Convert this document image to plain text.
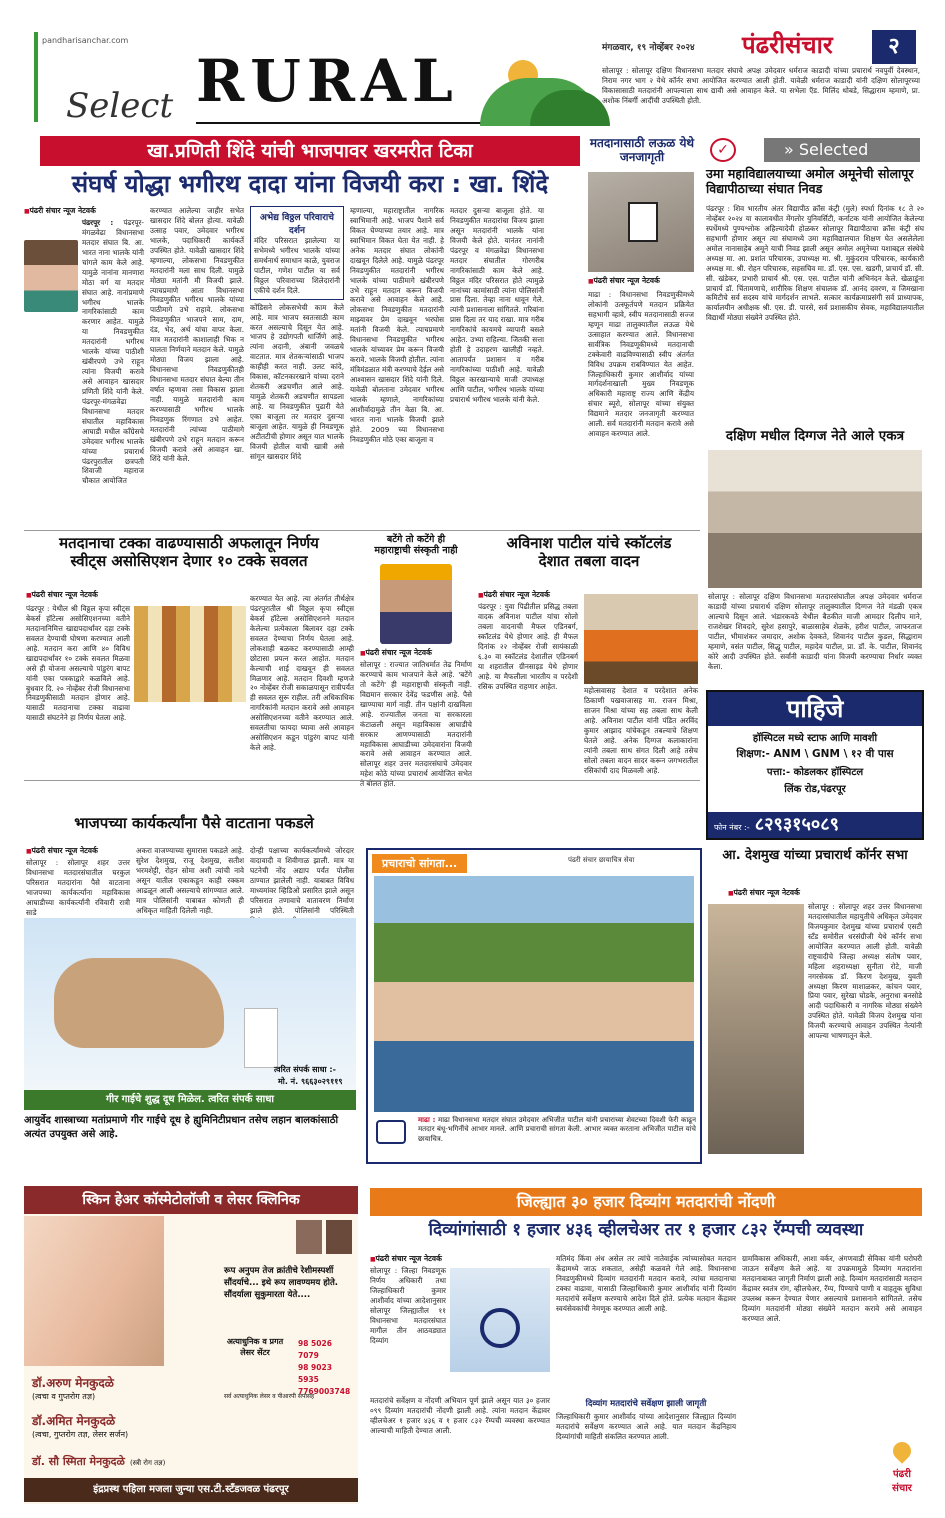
pandharisanchar.com
Select RURAL	मंगळवार, १९ नोव्हेंबर २०२४ पंढरीसंचार	२
सोलापूर : सोलापूर दक्षिण विधानसभा मतदार संघाचे अपक्ष उमेदवार धर्मराज काडादी यांच्या प्रचारार्थ नवपुर्वी देवस्थान, निराम नगर भाग २ येथे कॉर्नर सभा आयोजित करण्यात आली होती. यावेळी धर्मराज काडादी यांनी दक्षिण सोलापूरच्या विकासासाठी मतदारांनी आपल्याला साथ द्यावी असे आवाहन केले. या सभेला ऍड. मिलिंद थोबडे, सिद्धाराम म्हमाणे, प्रा. अशोक निंबर्गी आदींची उपस्थिती होती.
खा.प्रणिती शिंदे यांची भाजपावर खरमरीत टिका
संघर्ष योद्धा भगीरथ दादा यांना विजयी करा : खा. शिंदे
■ पंढरी संचार न्यूज नेटवर्क
पंढरपूर : पंढरपूर-मंगळवेढा विधानसभा मतदार संघात बि. आ. भारत नाना भालके यांनी चांगले काम केले आहे. यामुळे नानांना मानणारा मोठा वर्ग या मतदार संघात आहे. नानांप्रमाणे भगीरथ भालके नागरिकांसाठी काम करणार आहेत. यामुळे या निवडणुकीत मतदारांनी भगीरथ भालके यांच्या पाठीशी खंबीरपणे उभे राहून त्यांना विजयी करावे असे आवाहन खासदार प्रणिती शिंदे यांनी केले. पंढरपूर-मंगळवेढा विधानसभा मतदार संघातील महाविकास आघाडी मधील काँग्रेसचे उमेदवार भगीरथ भालके यांच्या प्रचारार्थ पंढरपुरातील छत्रपती शिवाजी महाराज चौकात आयोजित
करण्यात आलेल्या जाहीर सभेत खासदार शिंदे बोलत होत्या. यावेळी उत्साह पवार, उमेदवार भगीरथ भालके, पदाधिकारी कार्यकर्ते उपस्थित होते. यावेळी खासदार शिंदे म्हणाल्या, लोकसभा निवडणुकीत मतदारांनी मला साथ दिली. यामुळे मोठ्या मतांनी मी विजयी झाले. त्याचप्रमाणे आता विधानसभा निवडणुकीत भगीरथ भालके यांच्या पाठीमागे उभे राहावे. लोकसभा निवडणुकीत भाजपने साम, दाम, दंड, भेद, अर्थ यांचा वापर केला. मात्र मतदारांनी काशालाही भिक न घालता निर्णयाने मतदान केले. यामुळे मोठ्या विजय झाला आहे. विधानसभा निवडणुकीतही विधानसभा मतदार संघात बेल्या तीन वर्षात म्हणावा तसा विकास झाला नाही. यामुळे मतदारांनी काम करण्यासाठी भगीरथ भालके निवडणुक रिंगणात उभे आहेत. मतदारांनी त्यांच्या पाठीमागे खंबीरपणे उभे राहून मतदान करून विजयी करावे असे आवाहन खा. शिंदे यांनी केले.
अभेद्य विठ्ठल परिवाराचे दर्शन
मंदिर परिसरात झालेल्या या सभेमध्ये भगीरथ भालके यांच्या समर्थनार्थ समाधान काळे, युवराज पाटील, गणेश पाटील या सर्व विठ्ठल परिवाराच्या शिलेदारांनी एकीचे दर्शन दिले.
कोंडिसने लोकसभेची काम केले आहे. मात्र भाजप स्वतःसाठी काम करत असल्याचे दिसून येत आहे. भाजप हे उद्योगपती धार्जिणे आहे. त्यांना अदानी, अंबानी जवळचे वाटतात. मात्र शेतकऱ्यांसाठी भाजप काहीही करत नाही. उलट कांदे, विकास, कॉटनकारखाने यांच्या दराने शेतकरी अडचणीत आले आहे. यामुळे शेतकरी अडचणीत सापडला आहे. या निवडणुकीत पुढारी येते एका बाजूला तर मतदार दुसऱ्या बाजूला आहेत. यामुळे ही निवडणूक अटीतटीची होणार असून यात भालके विजयी होतील याची खात्री असे सांगून खासदार शिंदे
म्हणाल्या, महाराष्ट्रातील नागरिक स्वाभिमानी आहे. भाजप पैशाने सर्व विकत घेण्याच्या तयार आहे. मात्र स्वाभिमान विकत घेता येत नाही. हे अनेक मतदार संघात लोकांनी दाखवून दिलेले आहे. यामुळे पंढरपूर निवडणुकीत मतदारांनी भगीरथ भालके यांच्या पाठीमागे खंबीरपणे उभे राहून मतदान करून विजयी करावे असे आवाहन केले आहे. लोकसभा निवडणुकीत मतदारांनी माझ्यावर प्रेम दाखवून भरघोस मतांनी विजयी केले. त्याचप्रमाणे विधानसभा निवडणुकीत भगीरथ भालके यांच्यावर प्रेम करून विजयी करावे. भालके विजयी होतील. त्यांना मंत्रिमंडळात मंत्री करण्याचे देईल असे आश्वासन खासदार शिंदे यांनी दिले. यावेळी बोलताना उमेदवार भगीरथ भालके म्हणाले, नागरिकांच्या आशीर्वादामुळे तीन वेळा बि. आ. भारत नाना भालके विजयी झाले होते. 2009 च्या विधानसभा निवडणुकीत मोठे एका बाजूला व
मतदार दुसऱ्या बाजूला होते. या निवडणुकीत मतदारांचा विजय झाला असून मतदारांनी भालके यांना विजयी केले होते. यानंतर नानांनी पंढरपूर व मंगळवेढा विधानसभा मतदार संघातील गोरगरीब नागरिकांसाठी काम केले आहे. विठ्ठल मंदिर परिसरात होते त्यामुळे नानांच्या कामांसाठी त्यांना पोलिसांनी प्रास दिला. तेव्हा नाना धावून गेले. त्यांनी प्रशासनाला सांगितले. गरिबांना प्रास दिला तर याद राखा. मात्र गरीब नागरिकांचे कायमचे व्यापारी बसले आहेत. उभ्या राहिल्या. जितकी सत्ता होती हे उदाहरण खालीही नव्हते. आतापर्यंत प्रशासन व गरीब नागरिकांच्या पाठीशी आहे. यावेळी विठ्ठल कारखान्याचे माजी उपाध्यक्ष आणि पाटील, भगीरथ भालके यांच्या प्रचारार्थ भगीरथ भालके यांनी केले.
मतदानासाठी लऊळ येथे जनजागृती
■ पंढरी संचार न्यूज नेटवर्क
माढा : विधानसभा निवडणुकीमध्ये लोकांनी उत्स्फूर्तपणे मतदान प्रक्रियेत सहभागी व्हावे, स्वीप मतदानासाठी सज्ज म्हणून माढा तालुक्यातील लऊळ येथे उत्साहात करण्यात आले. विधानसभा सार्वत्रिक निवडणूकीमध्ये मतदानाची टक्केवारी वाढविण्यासाठी स्वीप अंतर्गत विविध उपक्रम राबविण्यात येत आहेत. जिल्हाधिकारी कुमार आशीर्वाद यांच्या मार्गदर्शनाखाली मुख्य निवडणूक अधिकारी महाराष्ट्र राज्य आणि केंद्रीय संचार ब्यूरो, सोलापूर यांच्या संयुक्त विद्यमाने मतदार जनजागृती करण्यात आली. सर्व मतदारांनी मतदान करावे असे आवाहन करण्यात आले.
✓	» Selected
उमा महाविद्यालयाच्या अमोल अमूनेची सोलापूर विद्यापीठाच्या संघात निवड
पंढरपूर : शिव भारतीय अंतर विद्यापीठ क्रॉस कंट्री (मुले) स्पर्धा दिनांक १८ ते २० नोव्हेंबर २०२४ या कालावधीत मेंगलोर युनिवर्सिटी, कर्नाटक यांनी आयोजित केलेल्या स्पर्धेमध्ये पुण्यश्लोक अहिल्यादेवी होळकर सोलापूर विद्यापीठाचा क्रॉस कंट्री संघ सहभागी होणार असून त्या संघामध्ये उमा महाविद्यालयात शिक्षण घेत असलेलेला अमोल नानासाहेब अमूने याची निवड झाली असून अमोल अमूनेच्या यशाबद्दल संस्थेचे अध्यक्ष मा. आ. प्रशांत परिचारक, उपाध्यक्ष मा. श्री. मुकुंदराव परिचारक, कार्यकारी अध्यक्ष मा. श्री. रोहन परिचारक, सहसचिव मा. डॉ. एस. एस. खडगी, प्राचार्य डॉ. सी. सी. खंडेकर, प्रभारी प्राचार्य श्री. एस. एस. पाटील यांनी अभिनंदन केले. खेळाडूंना प्राचार्य डॉ. चिंतामणाचे, शारीरिक शिक्षण संचालक डॉ. आनंद दवरण, व जिमखाना कमिटीचे सर्व सदस्य यांचे मार्गदर्शन लाभले. सत्कार कार्यक्रमाप्रसंगी सर्व प्राध्यापक, कार्यालयीन अधीक्षक श्री. एस. डी. पारसे, सर्व प्रशासकीय सेवक, महाविद्यालयातील विद्यार्थी मोठ्या संख्येने उपस्थित होते.
दक्षिण मधील दिग्गज नेते आले एकत्र
सोलापूर : सोलापूर दक्षिण विधानसभा मतदारसंघातील अपक्ष उमेदवार धर्मराज काडादी यांच्या प्रचारार्थ दक्षिण सोलापूर तालुक्यातील दिग्गज नेते मंडळी एकत्र आल्याचे दिसून आले. भंडारकवठे येथील बैठकीत माजी आमदार दिलीप माने, राजशेखर शिवदारे, सुरेश हसापुरे, बाळासाहेब शेळके, हरीश पाटील, जाफरताज पाटील, भीमाशंकर जमादार, अशोक देवकते, शिवानंद पाटील कुडल, सिद्धाराम म्हमाणे, वसंत पाटील, सिद्धू पाटील, महादेव पाटील, प्रा. डॉ. के. पाटील, शिवानंद कोरे आदी उपस्थित होते. सर्वांनी काडादी यांना विजयी करण्याचा निर्धार व्यक्त केला.
मतदानाचा टक्का वाढण्यासाठी अफलातून निर्णय
स्वीट्स असोसिएशन देणार १० टक्के सवलत
■ पंढरी संचार न्यूज नेटवर्क
पंढरपूर : येथील श्री विठ्ठल कृपा स्वीट्स बेकर्स हॉटेल्स असोसिएशनच्या वतीने मतदानानिमित्त खाद्यपदार्थांवर दहा टक्के सवलत देण्याची घोषणा करण्यात आली आहे. मतदान करा आणि ४० विविध खाद्यपदार्थांवर १० टक्के सवलत मिळवा असे ही योजना असल्याचे पांडुरंग बापट यांनी एका पत्रकाद्वारे कळविले आहे. बुधवार दि. २० नोव्हेंबर रोजी विधानसभा निवडणुकीसाठी मतदान होणार आहे. यासाठी मतदानाचा टक्का वाढावा यासाठी संघटनेने हा निर्णय घेतला आहे.
करण्यात येत आहे. त्या अंतर्गत तीर्थक्षेत्र पंढरपूरातील श्री विठ्ठल कृपा स्वीट्स बेकर्स हॉटेल्स असोसिएशनने मतदान केलेल्या प्रत्येकाला बिलावर दहा टक्के सवलत देण्याचा निर्णय घेतला आहे. लोकशाही बळकट करण्यासाठी आम्ही छोटासा प्रयत्न करत आहोत. मतदान केल्याची शाई दाखवून ही सवलत मिळणार आहे. मतदान दिवशी म्हणजे २० नोव्हेंबर रोजी सकाळपासून रात्रीपर्यंत ही सवलत सुरू राहील. तरी अधिकाधिक नागरिकांनी मतदान करावे असे आवाहन असोसिएशनच्या वतीने करण्यात आले. सवलतीचा फायदा घ्यावा असे आवाहन असोसिएशन कडून पांडुरंग बापट यांनी केले आहे.
बटेंगे तो कटेंगे ही
महाराष्ट्राची संस्कृती नाही
■ पंढरी संचार न्यूज नेटवर्क
सोलापूर : राज्यात जातिधर्मात तेढ निर्माण करण्याचे काम भाजपाने केले आहे. 'बटेंगे तो कटेंगे' ही महाराष्ट्राची संस्कृती नाही. विद्यमान सरकार देवेंद्र फडणीस आहे. पैसे खाण्याचा मार्ग नाही. तीन पक्षांनी दाखविला आहे. राज्यातील जनता या सरकारला कंटाळली असून महाविकास आघाडीचे सरकार आणण्यासाठी मतदारांनी महाविकास आघाडीच्या उमेदवारांना विजयी करावे असे आवाहन करण्यात आले. सोलापूर शहर उत्तर मतदारसंघाचे उमेदवार महेश कोठे यांच्या प्रचारार्थ आयोजित सभेत ते बोलत होते.
अविनाश पाटील यांचे स्कॉटलंड
देशात तबला वादन
■ पंढरी संचार न्यूज नेटवर्क
पंढरपूर : युवा पिढीतील प्रसिद्ध तबला वादक अविनाश पाटील यांचा सोलो तबला वादनाची मैफल एडिनबर्ग, स्कॉटलंड येथे होणार आहे. ही मैफल दिनांक २२ नोव्हेंबर रोजी सायंकाळी ६.३० वा स्कॉटलंड देशातील एडिनबर्ग या शहरातील ग्रीनसाइड येथे होणार आहे. या मैफलीला भारतीय व परदेशी रसिक उपस्थित राहणार आहेत.	महोत्सवासह देशात व परदेशात अनेक ठिकाणी पखवाजासह मा. राजन मिश्रा, साजन मिश्रा यांच्या सह तबला साथ केली आहे. अविनाश पाटील यांनी पंडित अरविंद कुमार आझाद यांचेकडून तबल्याचे शिक्षण घेतले आहे. अनेक दिग्गज कलाकारांना त्यांनी तबला साथ संगत दिली आहे तसेच सोलो तबला वादन सादर करून जगभरातील रसिकांची दाद मिळवली आहे.
पाहिजे
हॉस्पिटल मध्ये स्टाफ आणि मावशी
शिक्षण:- ANM \ GNM \ १२ वी पास
पत्ता:- कोडलकर हॉस्पिटल
लिंक रोड,पंढरपूर
फोन नंबर :- ८२९३१५०८९
भाजपच्या कार्यकर्त्यांना पैसे वाटताना पकडले
■ पंढरी संचार न्यूज नेटवर्क
सोलापूर : सोलापूर शहर उत्तर विधानसभा मतदारसंघातील घरकुल परिसरात मतदारांना पैसे वाटताना भाजपच्या कार्यकर्त्यांना महाविकास आघाडीच्या कार्यकर्त्यांनी रविवारी रात्री साडे
अकरा वाजण्याच्या सुमारास पकडले आहे. सुरेश देशमुख, राजू देशमुख, सतीश भरमशेट्टी, रोहन सोमा अशी त्यांची नावे असून यातील एकाकडून काही रक्कम आढळून आली असल्याचे सांगण्यात आले. मात्र पोलिसांनी याबाबत कोणती ही अधिकृत माहिती दिलेली नाही.
दोन्ही पक्षाच्या कार्यकर्त्यांमध्ये जोरदार वादावादी व शिवीगाळ झाली. मात्र या घटनेची नोंद अद्याप पर्यंत पोलीस ठाण्यात झालेली नाही. याबाबत विविध माध्यमांवर व्हिडिओ प्रसारित झाले असून परिसरात तणावाचे वातावरण निर्माण झाले होते. पोलिसांनी परिस्थिती
त्वरित संपर्क साधा :-
मो. नं. ९६६३०२९११९
गीर गाईचे शुद्ध दूध मिळेल. त्वरित संपर्क साधा
आयुर्वेद शास्त्राच्या मतांप्रमाणे गीर गाईचे दूध हे ह्युमिनिटीप्रधान तसेच लहान बालकांसाठी अत्यंत उपयुक्त असे आहे.
प्रचाराचो सांगता...	पंढरी संचार छायाचित्र सेवा
माढा : माढा विधानसभा मतदार संघात उमेदवार अभिजीत पाटील यांनी प्रचाराच्या शेवटच्या दिवशी फेरी काढून मतदार बंधू-भगिनींचे आभार मानले. आणि प्रचाराची सांगता केली. आभार व्यक्त करताना अभिजीत पाटील यांचे छायाचित्र.
आ. देशमुख यांच्या प्रचारार्थ कॉर्नर सभा
■ पंढरी संचार न्यूज नेटवर्क
सोलापूर : सोलापूर शहर उत्तर विधानसभा मतदारसंघातील महायुतीचे अधिकृत उमेदवार विजयकुमार देशमुख यांच्या प्रचारार्थ एसटी स्टँड समोरील धरसंग्रीजी येथे कॉर्नर सभा आयोजित करण्यात आली होती. यावेळी राष्ट्रवादीचे जिल्हा अध्यक्ष संतोष पवार, महिला शहराध्यक्षा सुनीता रोटे, माजी नगरसेवक डॉ. किरण देशमुख, युवती अध्यक्षा किरण माशाळकर, कांचन पवार, प्रिया पवार, सुरेखा घोडके, अनुराधा बनसोडे आदी पदाधिकारी व नागरिक मोठ्या संख्येने उपस्थित होते. यावेळी विजय देशमुख यांना विजयी करण्याचे आवाहन उपस्थित नेत्यांनी आपल्या भाषणातून केले.
स्किन हेअर कॉस्मेटोलॉजी व लेसर क्लिनिक
रूप अनुपम तेज क्रांतीचे रेशीमस्पर्शी सौंदर्याचे... इथे रूप लावण्यमय होते. सौंदर्याला सुकुमारता येते....
अत्याधुनिक व प्रगत लेसर सेंटर
98 5026 7079
98 9023 5935
7769003748
डॉ.अरुण मेनकुदळे
(त्वचा व गुप्तरोग तज्ञ)
डॉ.अमित मेनकुदळे
(त्वचा, गुप्तरोग तज्ञ, लेसर सर्जन)
डॉ. सौ स्मिता मेनकुदळे (स्त्री रोग तज्ञ)
सर्व अत्याधुनिक लेसर व पीआरपी सपासह
इंद्रप्रस्थ पहिला मजला जुन्या एस.टी.स्टँडजवळ पंढरपूर
जिल्ह्यात ३० हजार दिव्यांग मतदारांची नोंदणी
दिव्यांगांसाठी १ हजार ४३६ व्हीलचेअर तर १ हजार ८३२ रॅम्पची व्यवस्था
■ पंढरी संचार न्यूज नेटवर्क
सोलापूर : जिल्हा निवडणूक निर्णय अधिकारी तथा जिल्हाधिकारी कुमार आशीर्वाद यांच्या आदेशानुसार सोलापूर जिल्ह्यातील ११ विधानसभा मतदारसंघात मागील तीन आठवड्यात दिव्यांग
मतदारांचे सर्वेक्षण व नोंदणी अभियान पूर्ण झाले असून यात ३० हजार ०९९ दिव्यांग मतदारांची नोंदणी झाली आहे. त्यांना मतदान केंद्रावर व्हीलचेअर १ हजार ४३६ व १ हजार ८३२ रॅम्पची व्यवस्था करण्यात आल्याची माहिती देण्यात आली.
मतिमंद किंवा अंध असेल तर त्यांचे नातेवाईक त्यांच्यासोबत मतदान केंद्रामध्ये जाऊ शकतात, असेही कळवले गेले आहे. विधानसभा निवडणुकीमध्ये दिव्यांग मतदारांनी मतदान करावे, त्यांचा मतदानाचा टक्का वाढावा, यासाठी जिल्हाधिकारी कुमार आशीर्वाद यांनी दिव्यांग मतदारांचे सर्वेक्षण करण्याचे आदेश दिले होते. प्रत्येक मतदान केंद्रावर स्वयंसेवकांची नेमणूक करण्यात आली आहे.
दिव्यांग मतदारांचे सर्वेक्षण झाली जागृती
जिल्हाधिकारी कुमार आशीर्वाद यांच्या आदेशानुसार जिल्ह्यात दिव्यांग मतदारांचे सर्वेक्षण करण्यात आले आहे. यात मतदान केंद्रनिहाय दिव्यांगांची माहिती संकलित करण्यात आली.
ग्रामविकास अधिकारी, आशा वर्कर, अंगणवाडी सेविका यांनी घरोघरी जाऊन सर्वेक्षण केले आहे. या उपक्रमामुळे दिव्यांग मतदारांना मतदानाबाबत जागृती निर्माण झाली आहे. दिव्यांग मतदारांसाठी मतदान केंद्रावर स्वतंत्र रांग, व्हीलचेअर, रॅम्प, पिण्याचे पाणी व वाहतूक सुविधा उपलब्ध करून देण्यात येणार असल्याचे प्रशासनाने सांगितले. तसेच दिव्यांग मतदारांनी मोठ्या संख्येने मतदान करावे असे आवाहन करण्यात आले.
पंढरी
संचार
